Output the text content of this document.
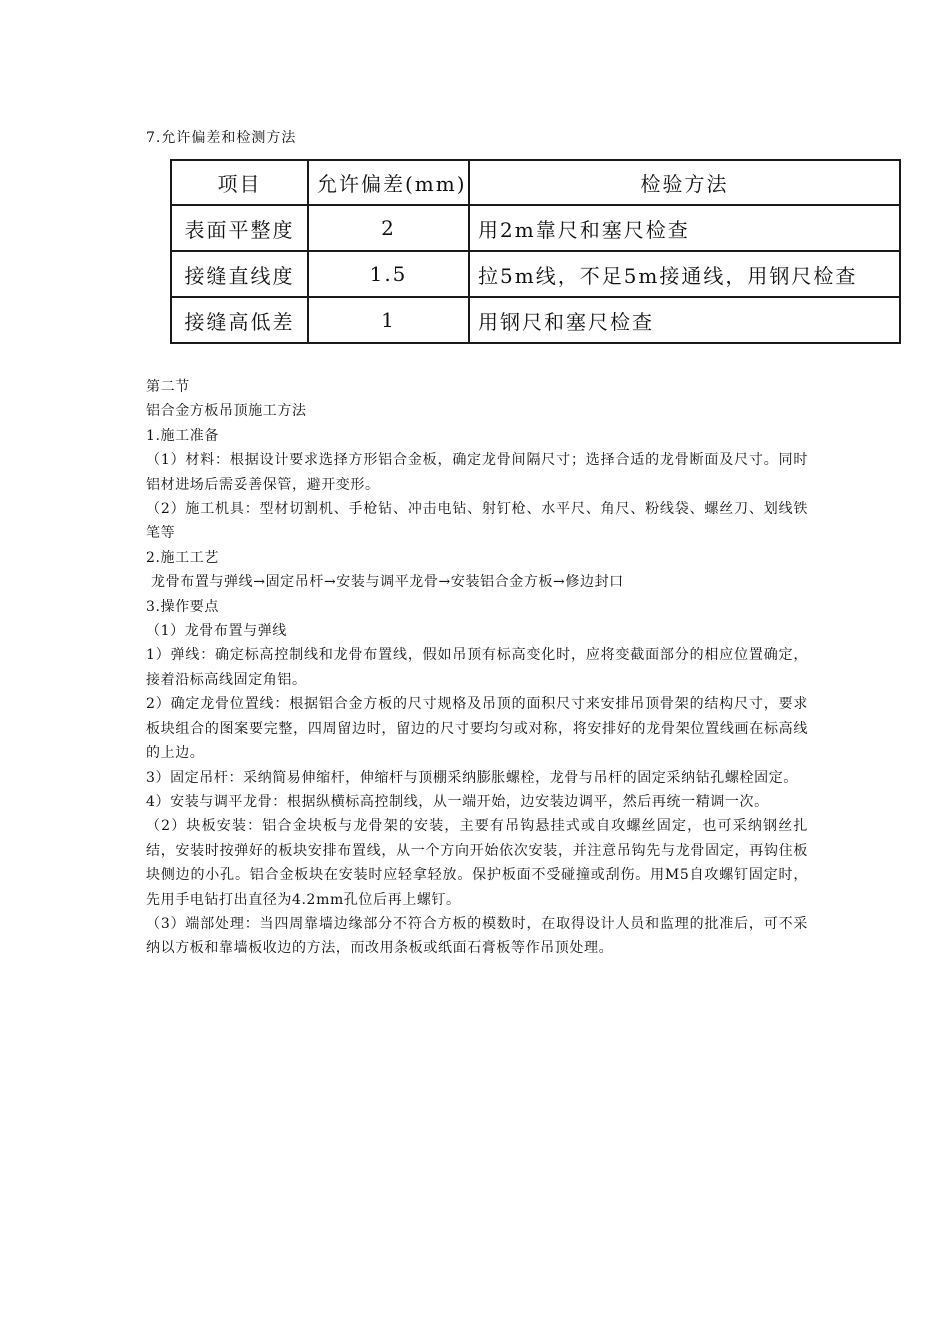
7.允许偏差和检测方法
项目	允许偏差(mm)	检验方法
表面平整度	2	用2m靠尺和塞尺检查
接缝直线度	1.5	拉5m线，不足5m接通线，用钢尺检查
接缝高低差	1	用钢尺和塞尺检查

第二节

铝合金方板吊顶施工方法

1.施工准备

（1）材料：根据设计要求选择方形铝合金板，确定龙骨间隔尺寸；选择合适的龙骨断面及尺寸。同时铝材进场后需妥善保管，避开变形。

（2）施工机具：型材切割机、手枪钻、冲击电钻、射钉枪、水平尺、角尺、粉线袋、螺丝刀、划线铁笔等

2.施工工艺

龙骨布置与弹线→固定吊杆→安装与调平龙骨→安装铝合金方板→修边封口

3.操作要点

（1）龙骨布置与弹线

1）弹线：确定标高控制线和龙骨布置线，假如吊顶有标高变化时，应将变截面部分的相应位置确定，接着沿标高线固定角铝。

2）确定龙骨位置线：根据铝合金方板的尺寸规格及吊顶的面积尺寸来安排吊顶骨架的结构尺寸，要求板块组合的图案要完整，四周留边时，留边的尺寸要均匀或对称，将安排好的龙骨架位置线画在标高线的上边。

3）固定吊杆：采纳简易伸缩杆，伸缩杆与顶棚采纳膨胀螺栓，龙骨与吊杆的固定采纳钻孔螺栓固定。

4）安装与调平龙骨：根据纵横标高控制线，从一端开始，边安装边调平，然后再统一精调一次。

（2）块板安装：铝合金块板与龙骨架的安装，主要有吊钩悬挂式或自攻螺丝固定，也可采纳钢丝扎结，安装时按弹好的板块安排布置线，从一个方向开始依次安装，并注意吊钩先与龙骨固定，再钩住板块侧边的小孔。铝合金板块在安装时应轻拿轻放。保护板面不受碰撞或刮伤。用M5自攻螺钉固定时，先用手电钻打出直径为4.2mm孔位后再上螺钉。

（3）端部处理：当四周靠墙边缘部分不符合方板的模数时，在取得设计人员和监理的批准后，可不采纳以方板和靠墙板收边的方法，而改用条板或纸面石膏板等作吊顶处理。
